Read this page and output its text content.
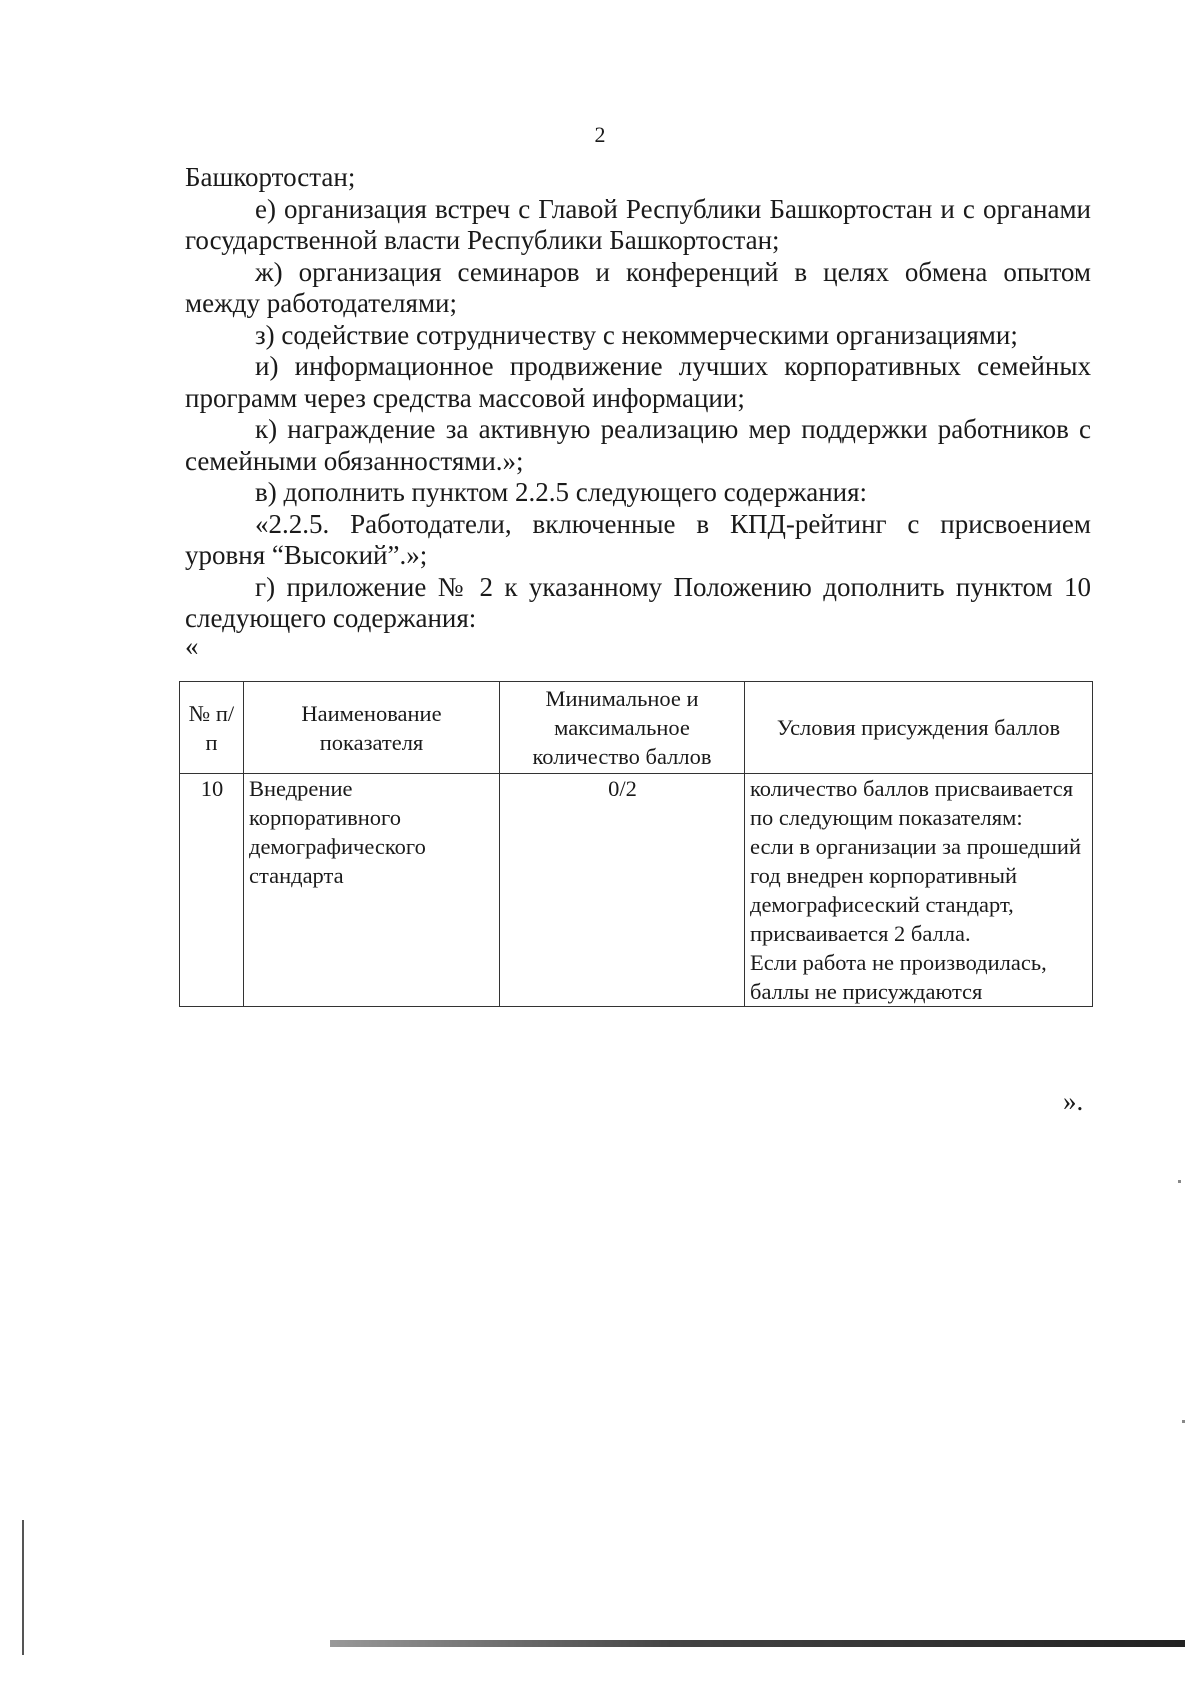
2

Башкортостан;

е) организация встреч с Главой Республики Башкортостан и с органами государственной власти Республики Башкортостан;

ж) организация семинаров и конференций в целях обмена опытом между работодателями;

з) содействие сотрудничеству с некоммерческими организациями;

и) информационное продвижение лучших корпоративных семейных программ через средства массовой информации;

к) награждение за активную реализацию мер поддержки работников с семейными обязанностями.»;

в) дополнить пунктом 2.2.5 следующего содержания:

«2.2.5. Работодатели, включенные в КПД-рейтинг с присвоением уровня “Высокий”.»;

г) приложение № 2 к указанному Положению дополнить пунктом 10 следующего содержания:

«

№ п/п	Наименование показателя	Минимальное и максимальное количество баллов	Условия присуждения баллов
10	Внедрение корпоративного демографического стандарта	0/2	количество баллов присваивается по следующим показателям:
если в организации за прошедший год внедрен корпоративный демографисеский стандарт, присваивается 2 балла.
Если работа не производилась, баллы не присуждаются
».
